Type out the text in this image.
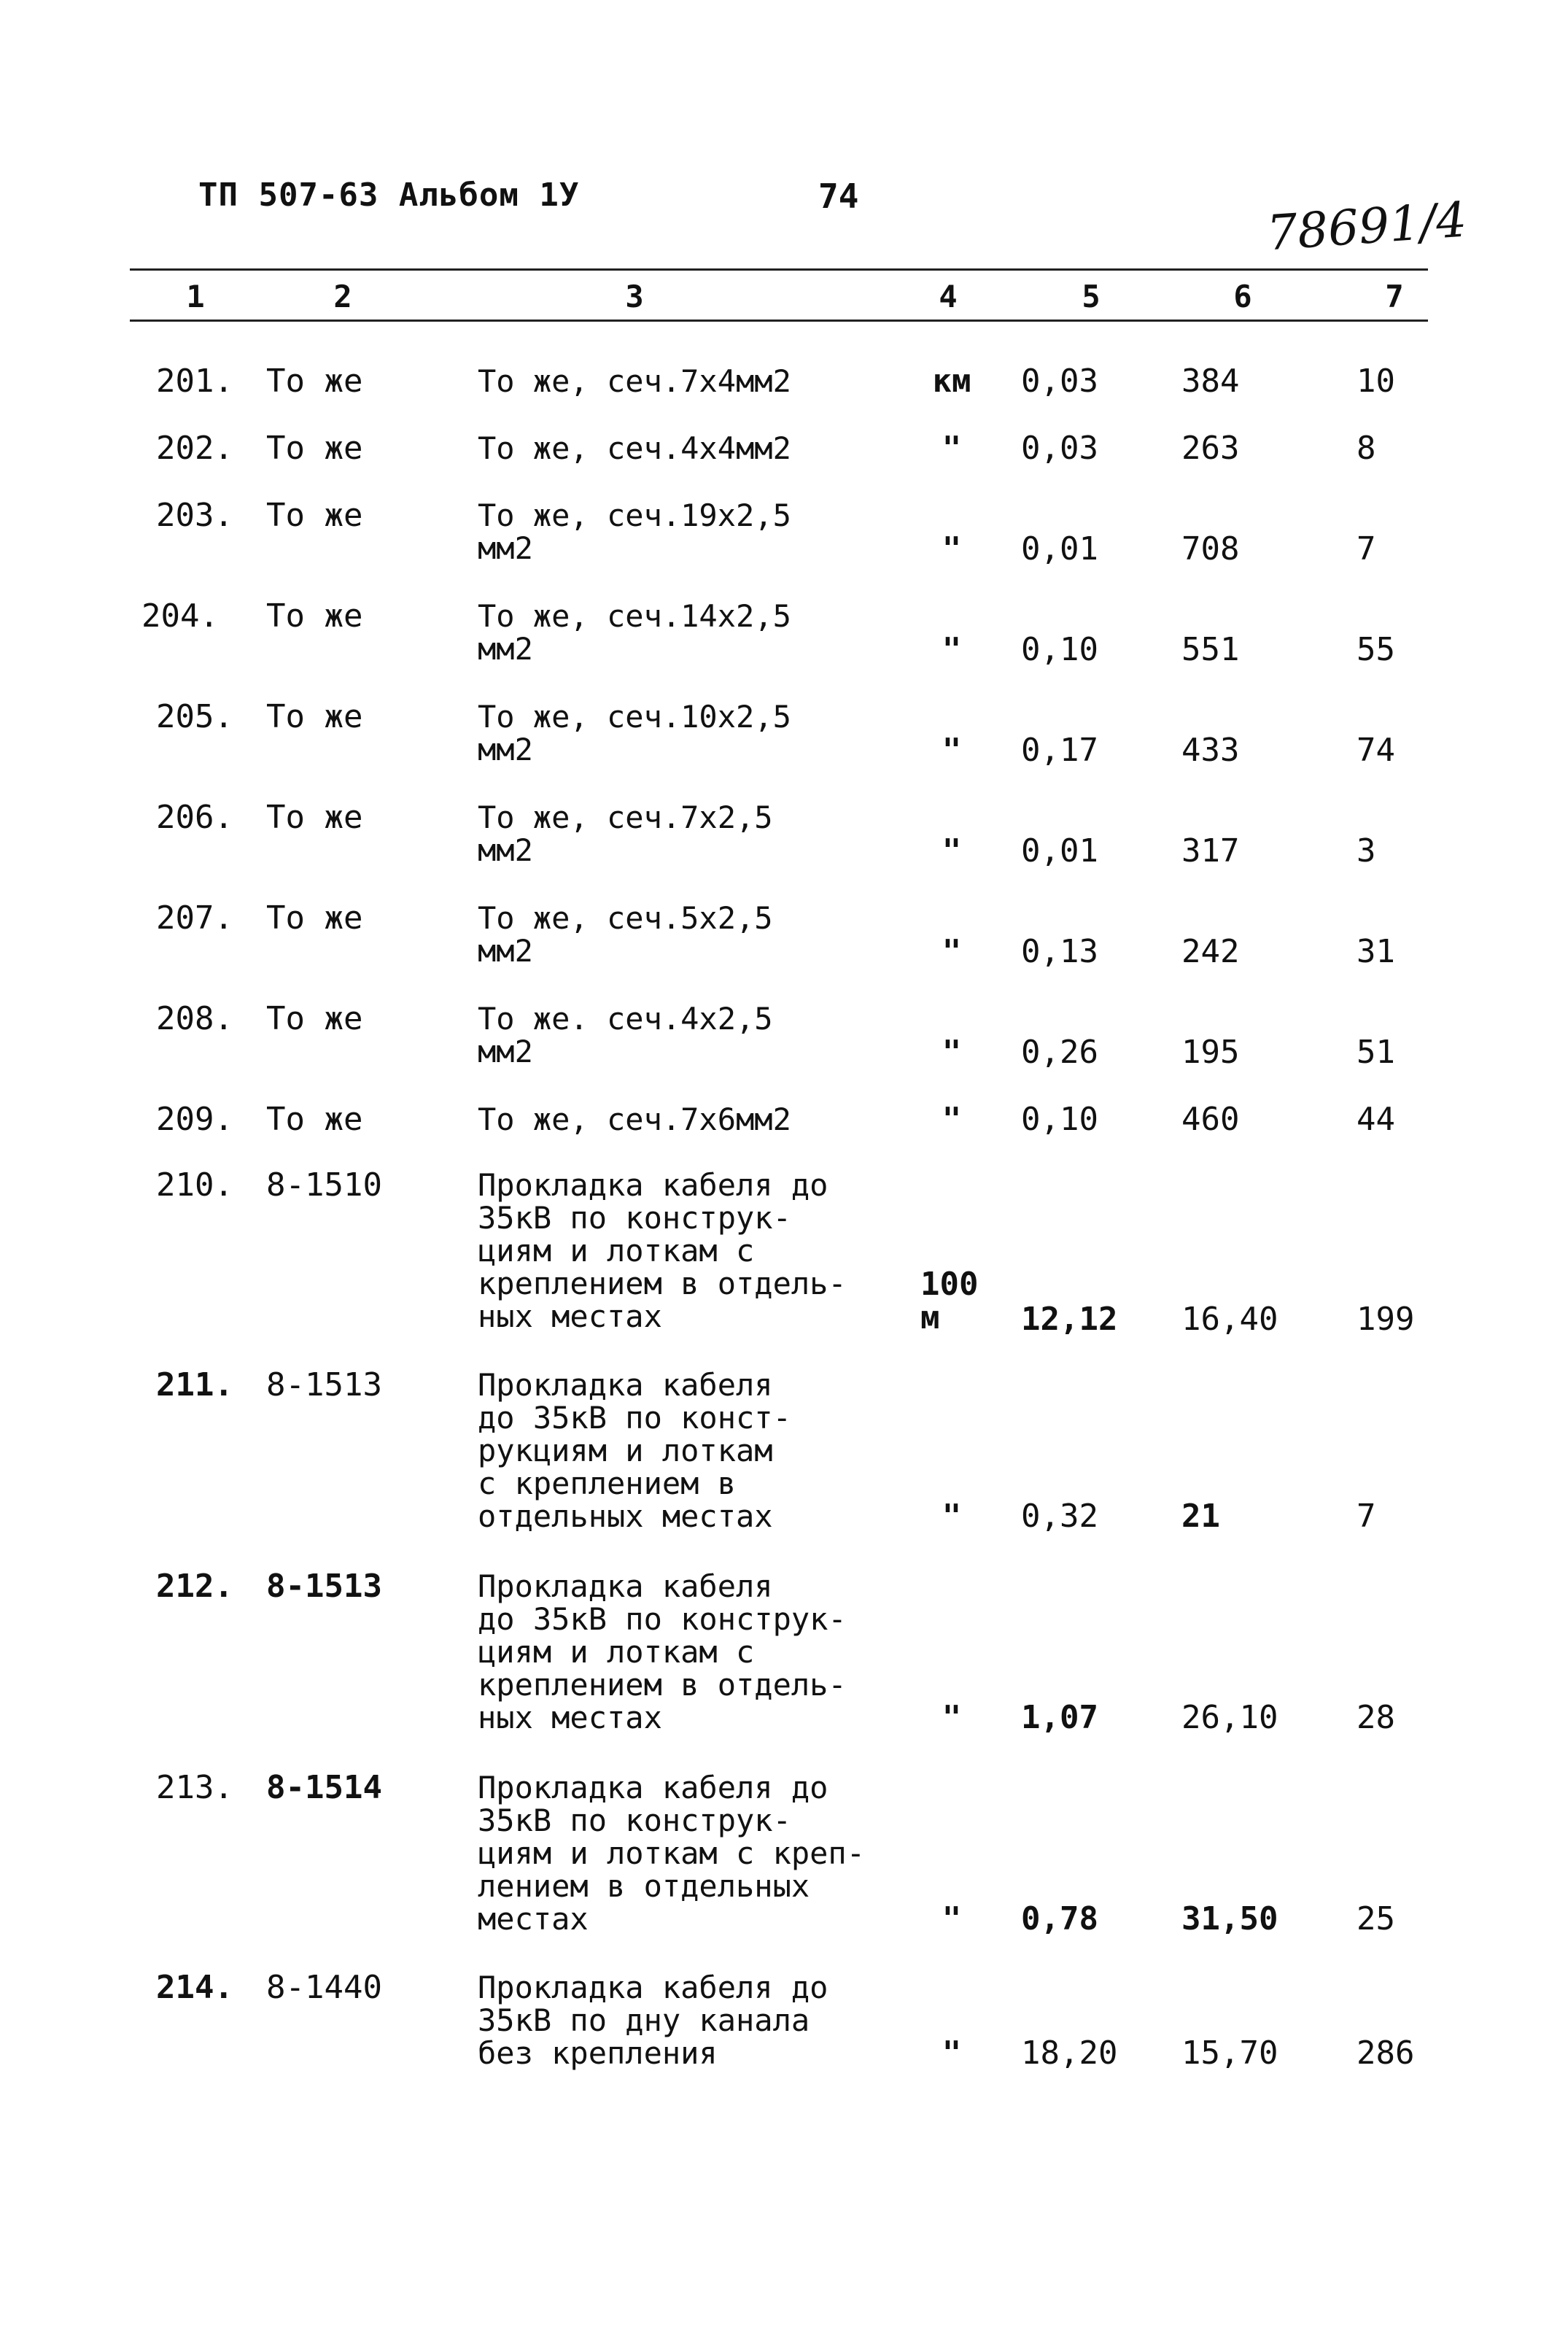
ТП 507-63 Альбом 1У	74	78691/4
1	2	3	4	5	6	7
201. То же	То же, сеч.7х4мм2	км	0,03	384	10
202. То же	То же, сеч.4х4мм2	"	0,03	263	8
203. То же	То же, сеч.19х2,5
мм2	"	0,01	708	7
204. То же	То же, сеч.14х2,5
мм2	"	0,10	551	55
205. То же	То же, сеч.10х2,5
мм2	"	0,17	433	74
206. То же	То же, сеч.7х2,5
мм2	"	0,01	317	3
207. То же	То же, сеч.5х2,5
мм2	"	0,13	242	31
208. То же	То же. сеч.4х2,5
мм2	"	0,26	195	51
209. То же	То же, сеч.7х6мм2	"	0,10	460	44
210. 8-1510	Прокладка кабеля до
35кВ по конструк-
циям и лоткам с
креплением в отдель-
ных местах
100
м	12,12	16,40	199
211. 8-1513	Прокладка кабеля
до 35кВ по конст-
рукциям и лоткам
с креплением в
отдельных местах	"	0,32	21	7
212. 8-1513	Прокладка кабеля
до 35кВ по конструк-
циям и лоткам с
креплением в отдель-
ных местах	"	1,07	26,10	28
213. 8-1514	Прокладка кабеля до
35кВ по конструк-
циям и лоткам с креп-
лением в отдельных
местах	"	0,78	31,50	25
214. 8-1440	Прокладка кабеля до
35кВ по дну канала
без крепления	"	18,20	15,70	286
